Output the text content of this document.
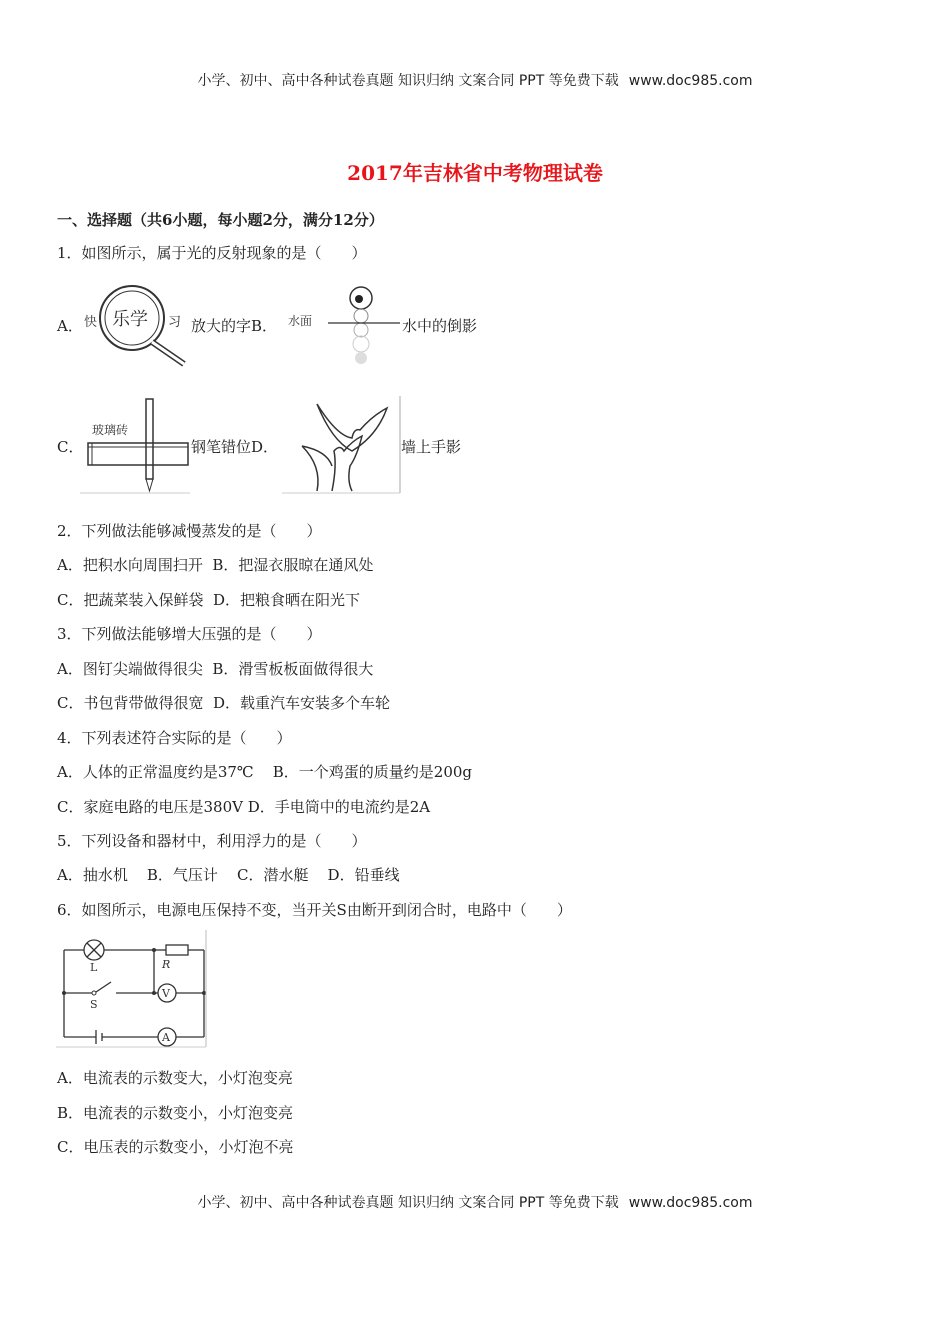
小学、初中、高中各种试卷真题 知识归纳 文案合同 PPT 等免费下载 www.doc985.com
2017年吉林省中考物理试卷
一、选择题（共6小题，每小题2分，满分12分）
1．如图所示，属于光的反射现象的是（　　）
A． 快 乐学 习 放大的字B． 水面	水中的倒影
C．
玻璃砖
钢笔错位D．	墙上手影
2．下列做法能够减慢蒸发的是（　　）
A．把积水向周围扫开  B．把湿衣服晾在通风处
C．把蔬菜装入保鲜袋  D．把粮食晒在阳光下
3．下列做法能够增大压强的是（　　）
A．图钉尖端做得很尖  B．滑雪板板面做得很大
C．书包背带做得很宽  D．载重汽车安装多个车轮
4．下列表述符合实际的是（　　）
A．人体的正常温度约是37℃    B．一个鸡蛋的质量约是200g
C．家庭电路的电压是380V D．手电筒中的电流约是2A
5．下列设备和器材中，利用浮力的是（　　）
A．抽水机    B．气压计    C．潜水艇    D．铅垂线
6．如图所示，电源电压保持不变，当开关S由断开到闭合时，电路中（　　）
L	R
S
V
A
A．电流表的示数变大，小灯泡变亮
B．电流表的示数变小，小灯泡变亮
C．电压表的示数变小，小灯泡不亮
小学、初中、高中各种试卷真题 知识归纳 文案合同 PPT 等免费下载 www.doc985.com
